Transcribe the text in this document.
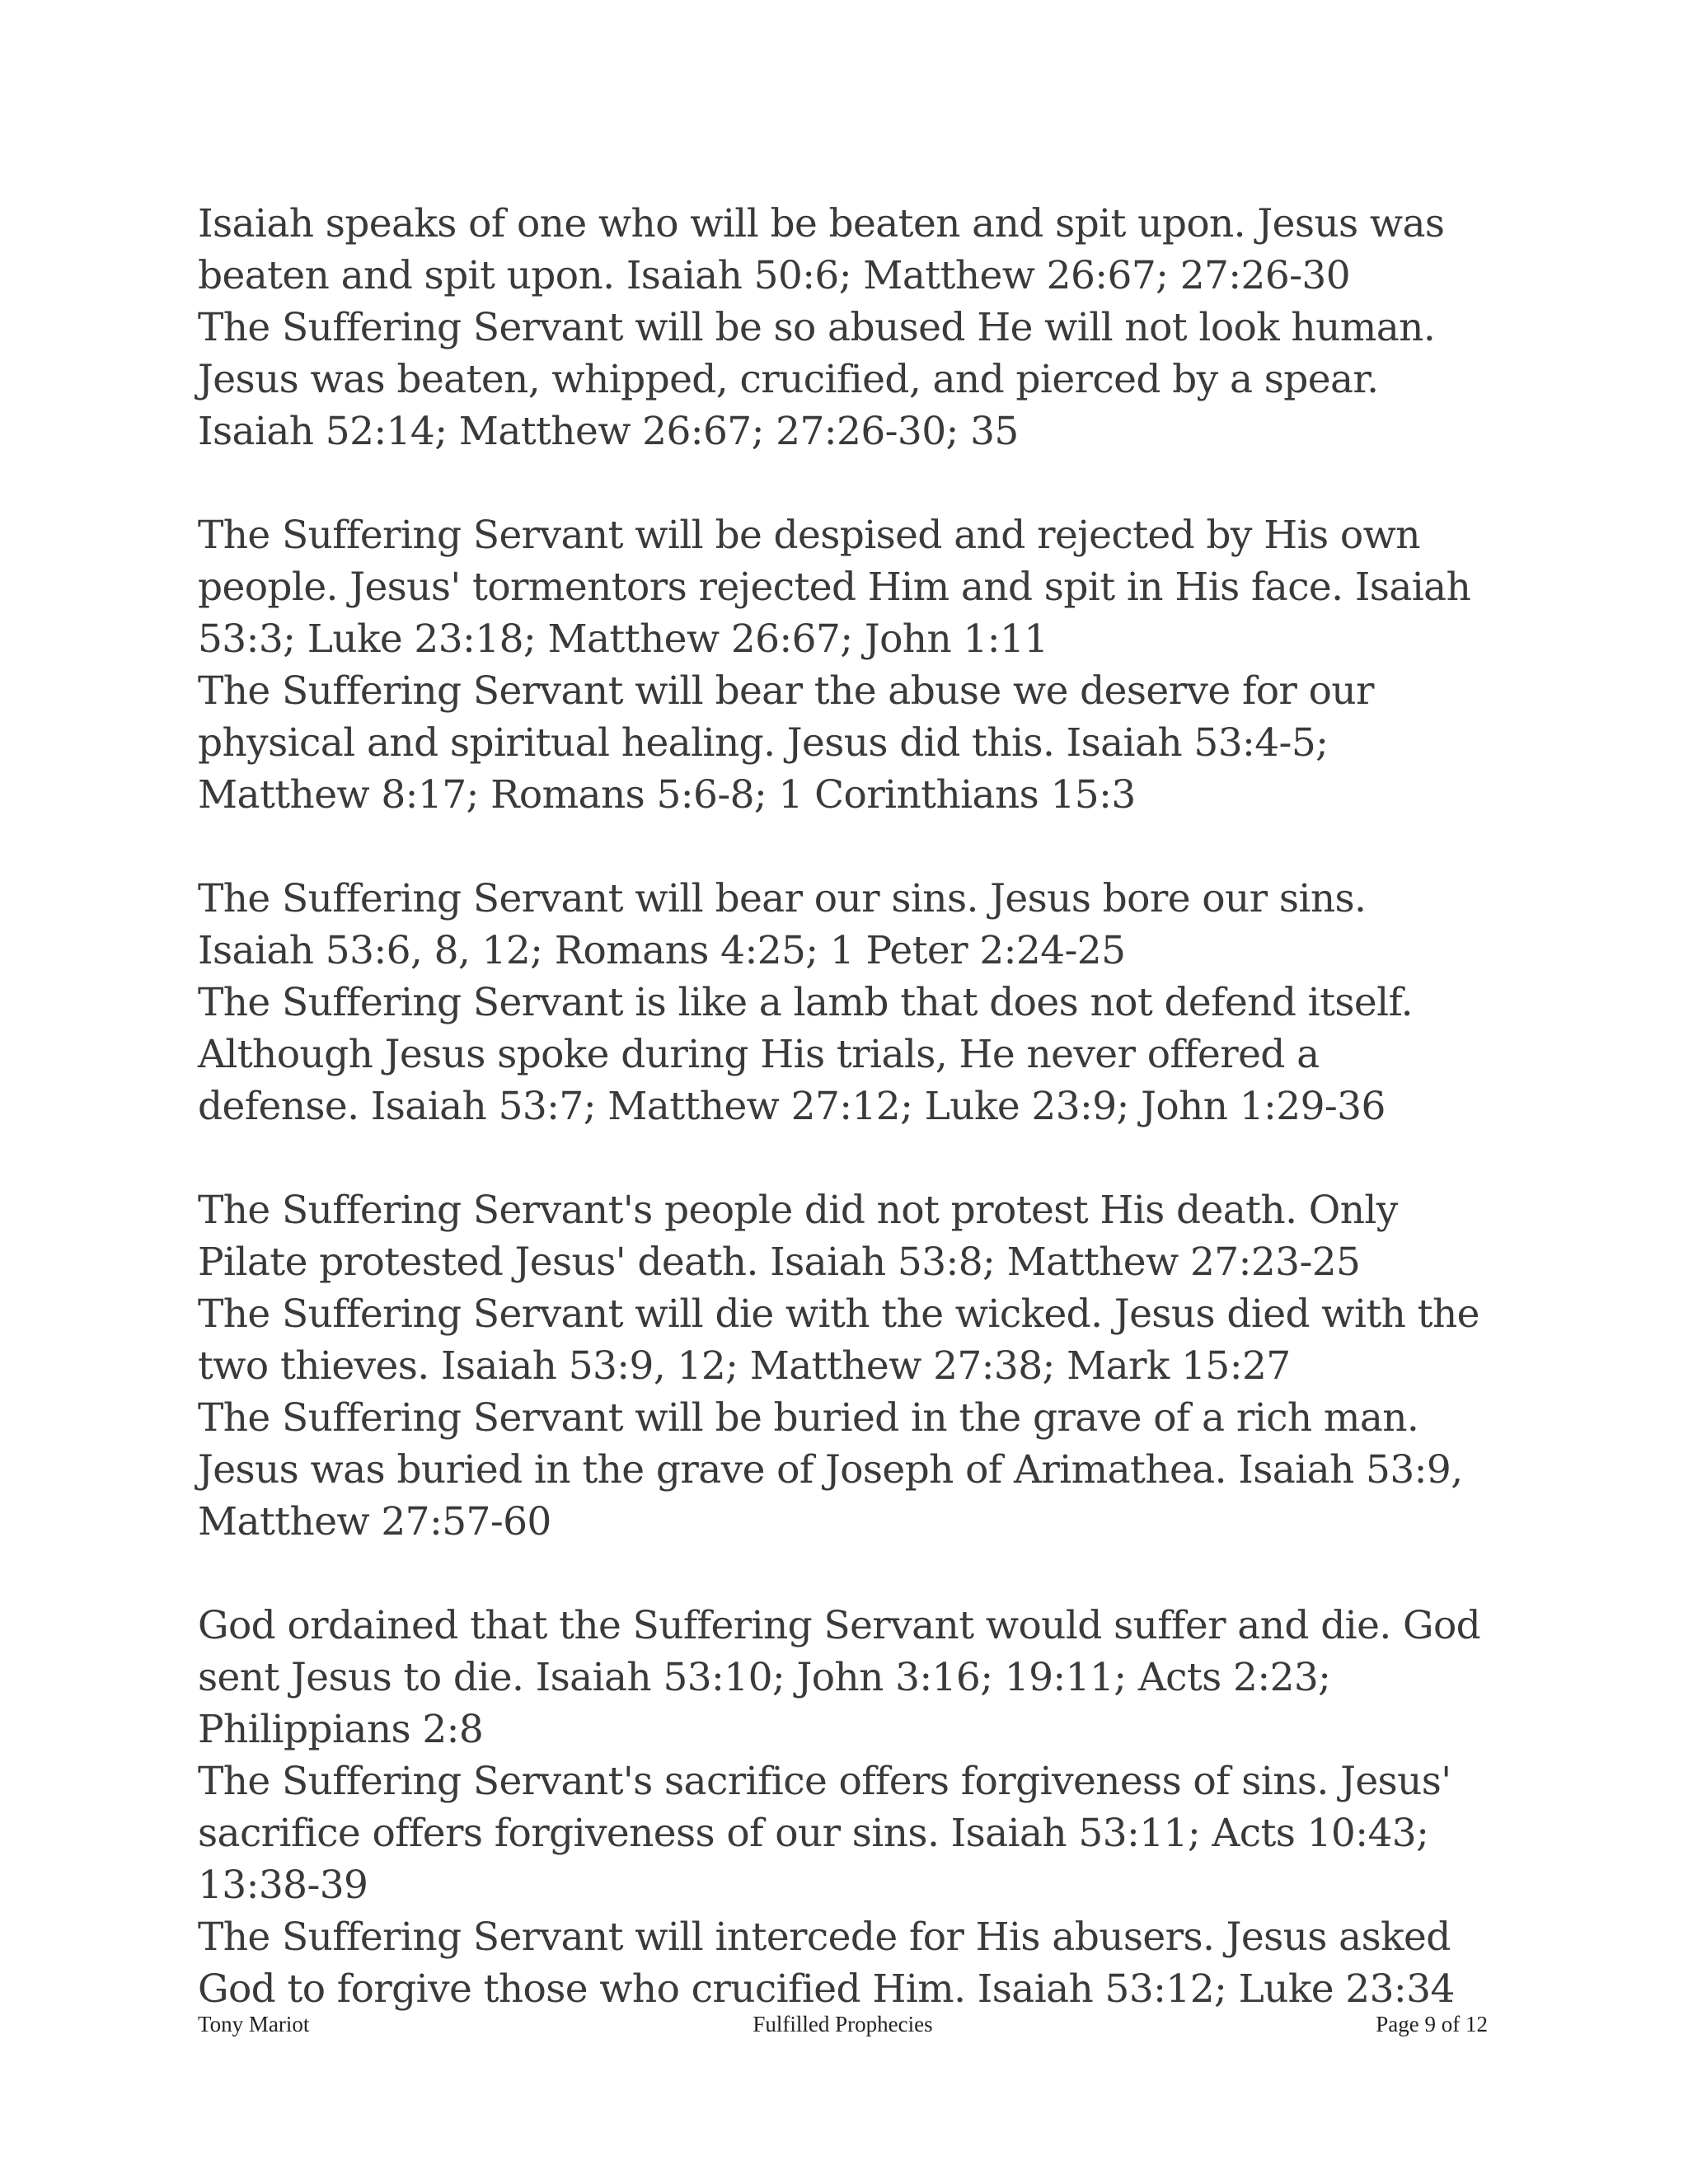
Isaiah speaks of one who will be beaten and spit upon. Jesus was beaten and spit upon. Isaiah 50:6; Matthew 26:67; 27:26-30

The Suffering Servant will be so abused He will not look human. Jesus was beaten, whipped, crucified, and pierced by a spear. Isaiah 52:14; Matthew 26:67; 27:26-30; 35

The Suffering Servant will be despised and rejected by His own people. Jesus' tormentors rejected Him and spit in His face. Isaiah 53:3; Luke 23:18; Matthew 26:67; John 1:11

The Suffering Servant will bear the abuse we deserve for our physical and spiritual healing. Jesus did this. Isaiah 53:4-5; Matthew 8:17; Romans 5:6-8; 1 Corinthians 15:3

The Suffering Servant will bear our sins. Jesus bore our sins. Isaiah 53:6, 8, 12; Romans 4:25; 1 Peter 2:24-25

The Suffering Servant is like a lamb that does not defend itself. Although Jesus spoke during His trials, He never offered a defense. Isaiah 53:7; Matthew 27:12; Luke 23:9; John 1:29-36

The Suffering Servant's people did not protest His death. Only Pilate protested Jesus' death. Isaiah 53:8; Matthew 27:23-25

The Suffering Servant will die with the wicked. Jesus died with the two thieves. Isaiah 53:9, 12; Matthew 27:38; Mark 15:27

The Suffering Servant will be buried in the grave of a rich man. Jesus was buried in the grave of Joseph of Arimathea. Isaiah 53:9, Matthew 27:57-60

God ordained that the Suffering Servant would suffer and die. God sent Jesus to die. Isaiah 53:10; John 3:16; 19:11; Acts 2:23; Philippians 2:8

The Suffering Servant's sacrifice offers forgiveness of sins. Jesus' sacrifice offers forgiveness of our sins. Isaiah 53:11; Acts 10:43; 13:38-39

The Suffering Servant will intercede for His abusers. Jesus asked God to forgive those who crucified Him. Isaiah 53:12; Luke 23:34

Tony Mariot	Fulfilled Prophecies	Page 9 of 12
